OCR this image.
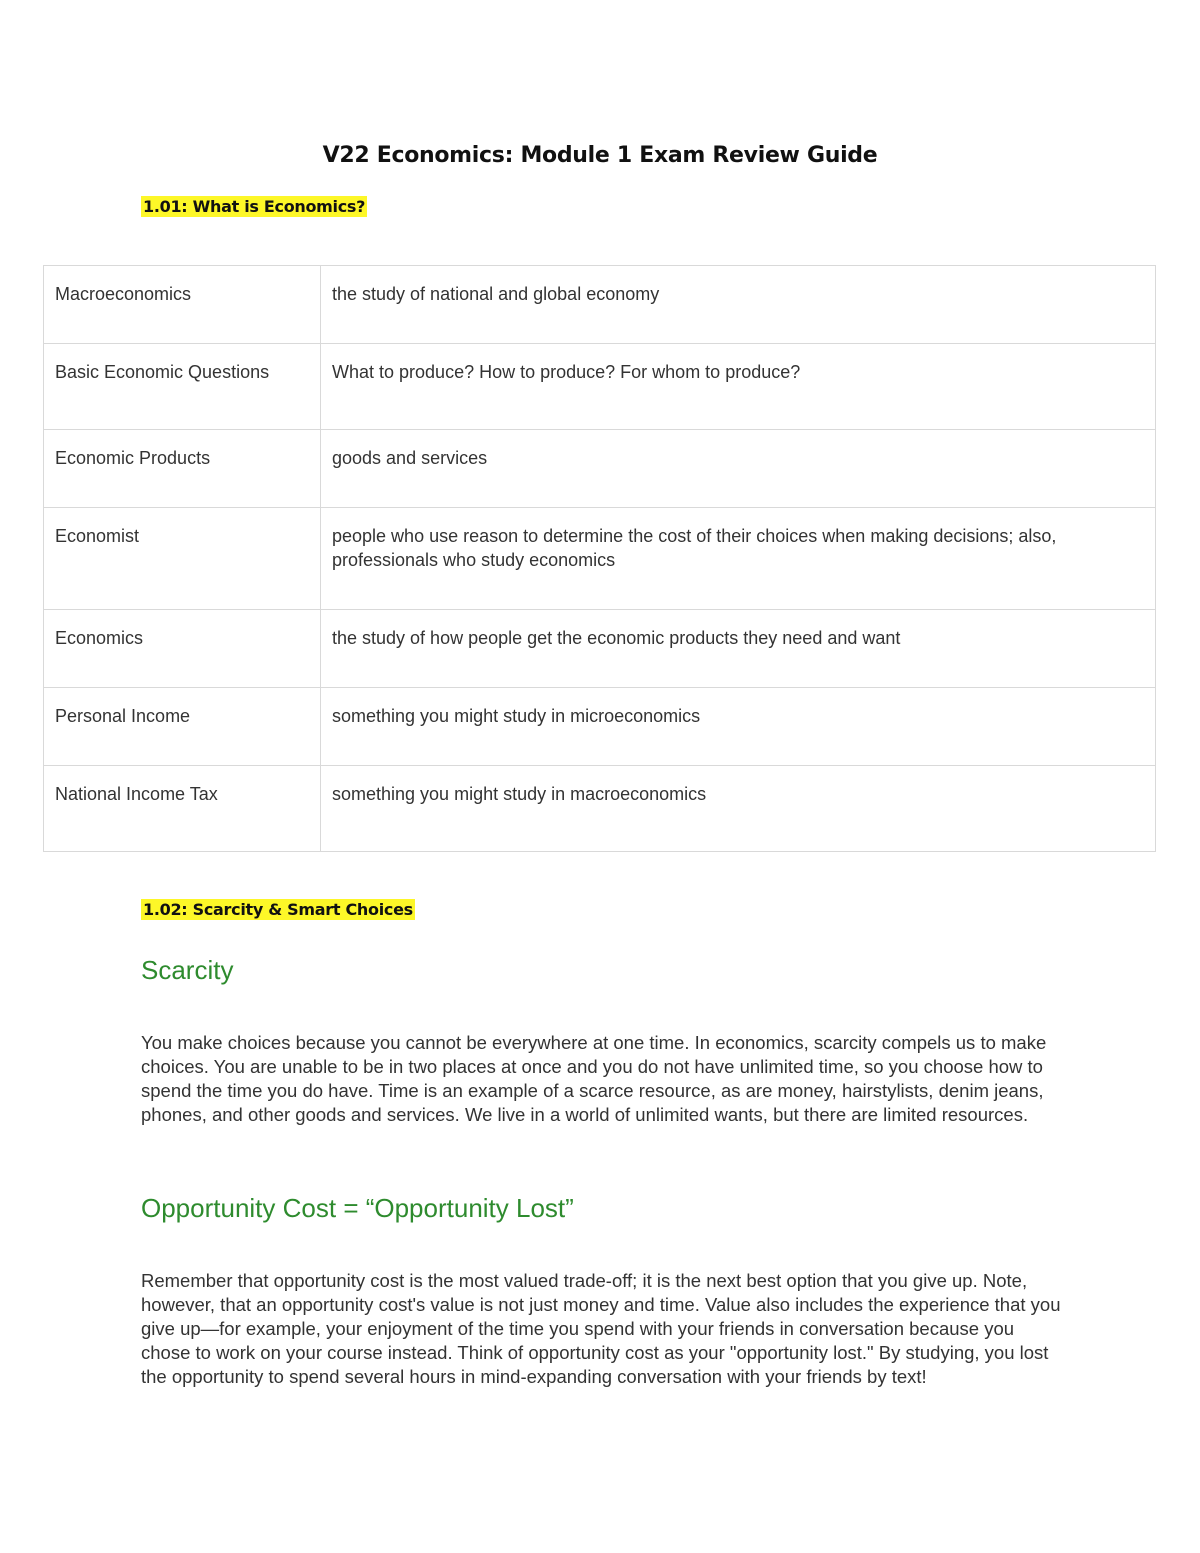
V22 Economics: Module 1 Exam Review Guide
1.01: What is Economics?
Macroeconomics	the study of national and global economy
Basic Economic Questions	What to produce? How to produce? For whom to produce?
Economic Products	goods and services
Economist	people who use reason to determine the cost of their choices when making decisions; also, professionals who study economics
Economics	the study of how people get the economic products they need and want
Personal Income	something you might study in microeconomics
National Income Tax	something you might study in macroeconomics
1.02: Scarcity & Smart Choices
Scarcity
You make choices because you cannot be everywhere at one time. In economics, scarcity compels us to make choices. You are unable to be in two places at once and you do not have unlimited time, so you choose how to spend the time you do have. Time is an example of a scarce resource, as are money, hairstylists, denim jeans, phones, and other goods and services. We live in a world of unlimited wants, but there are limited resources.
Opportunity Cost = “Opportunity Lost”
Remember that opportunity cost is the most valued trade-off; it is the next best option that you give up. Note, however, that an opportunity cost's value is not just money and time. Value also includes the experience that you give up—for example, your enjoyment of the time you spend with your friends in conversation because you chose to work on your course instead. Think of opportunity cost as your "opportunity lost." By studying, you lost the opportunity to spend several hours in mind-expanding conversation with your friends by text!
